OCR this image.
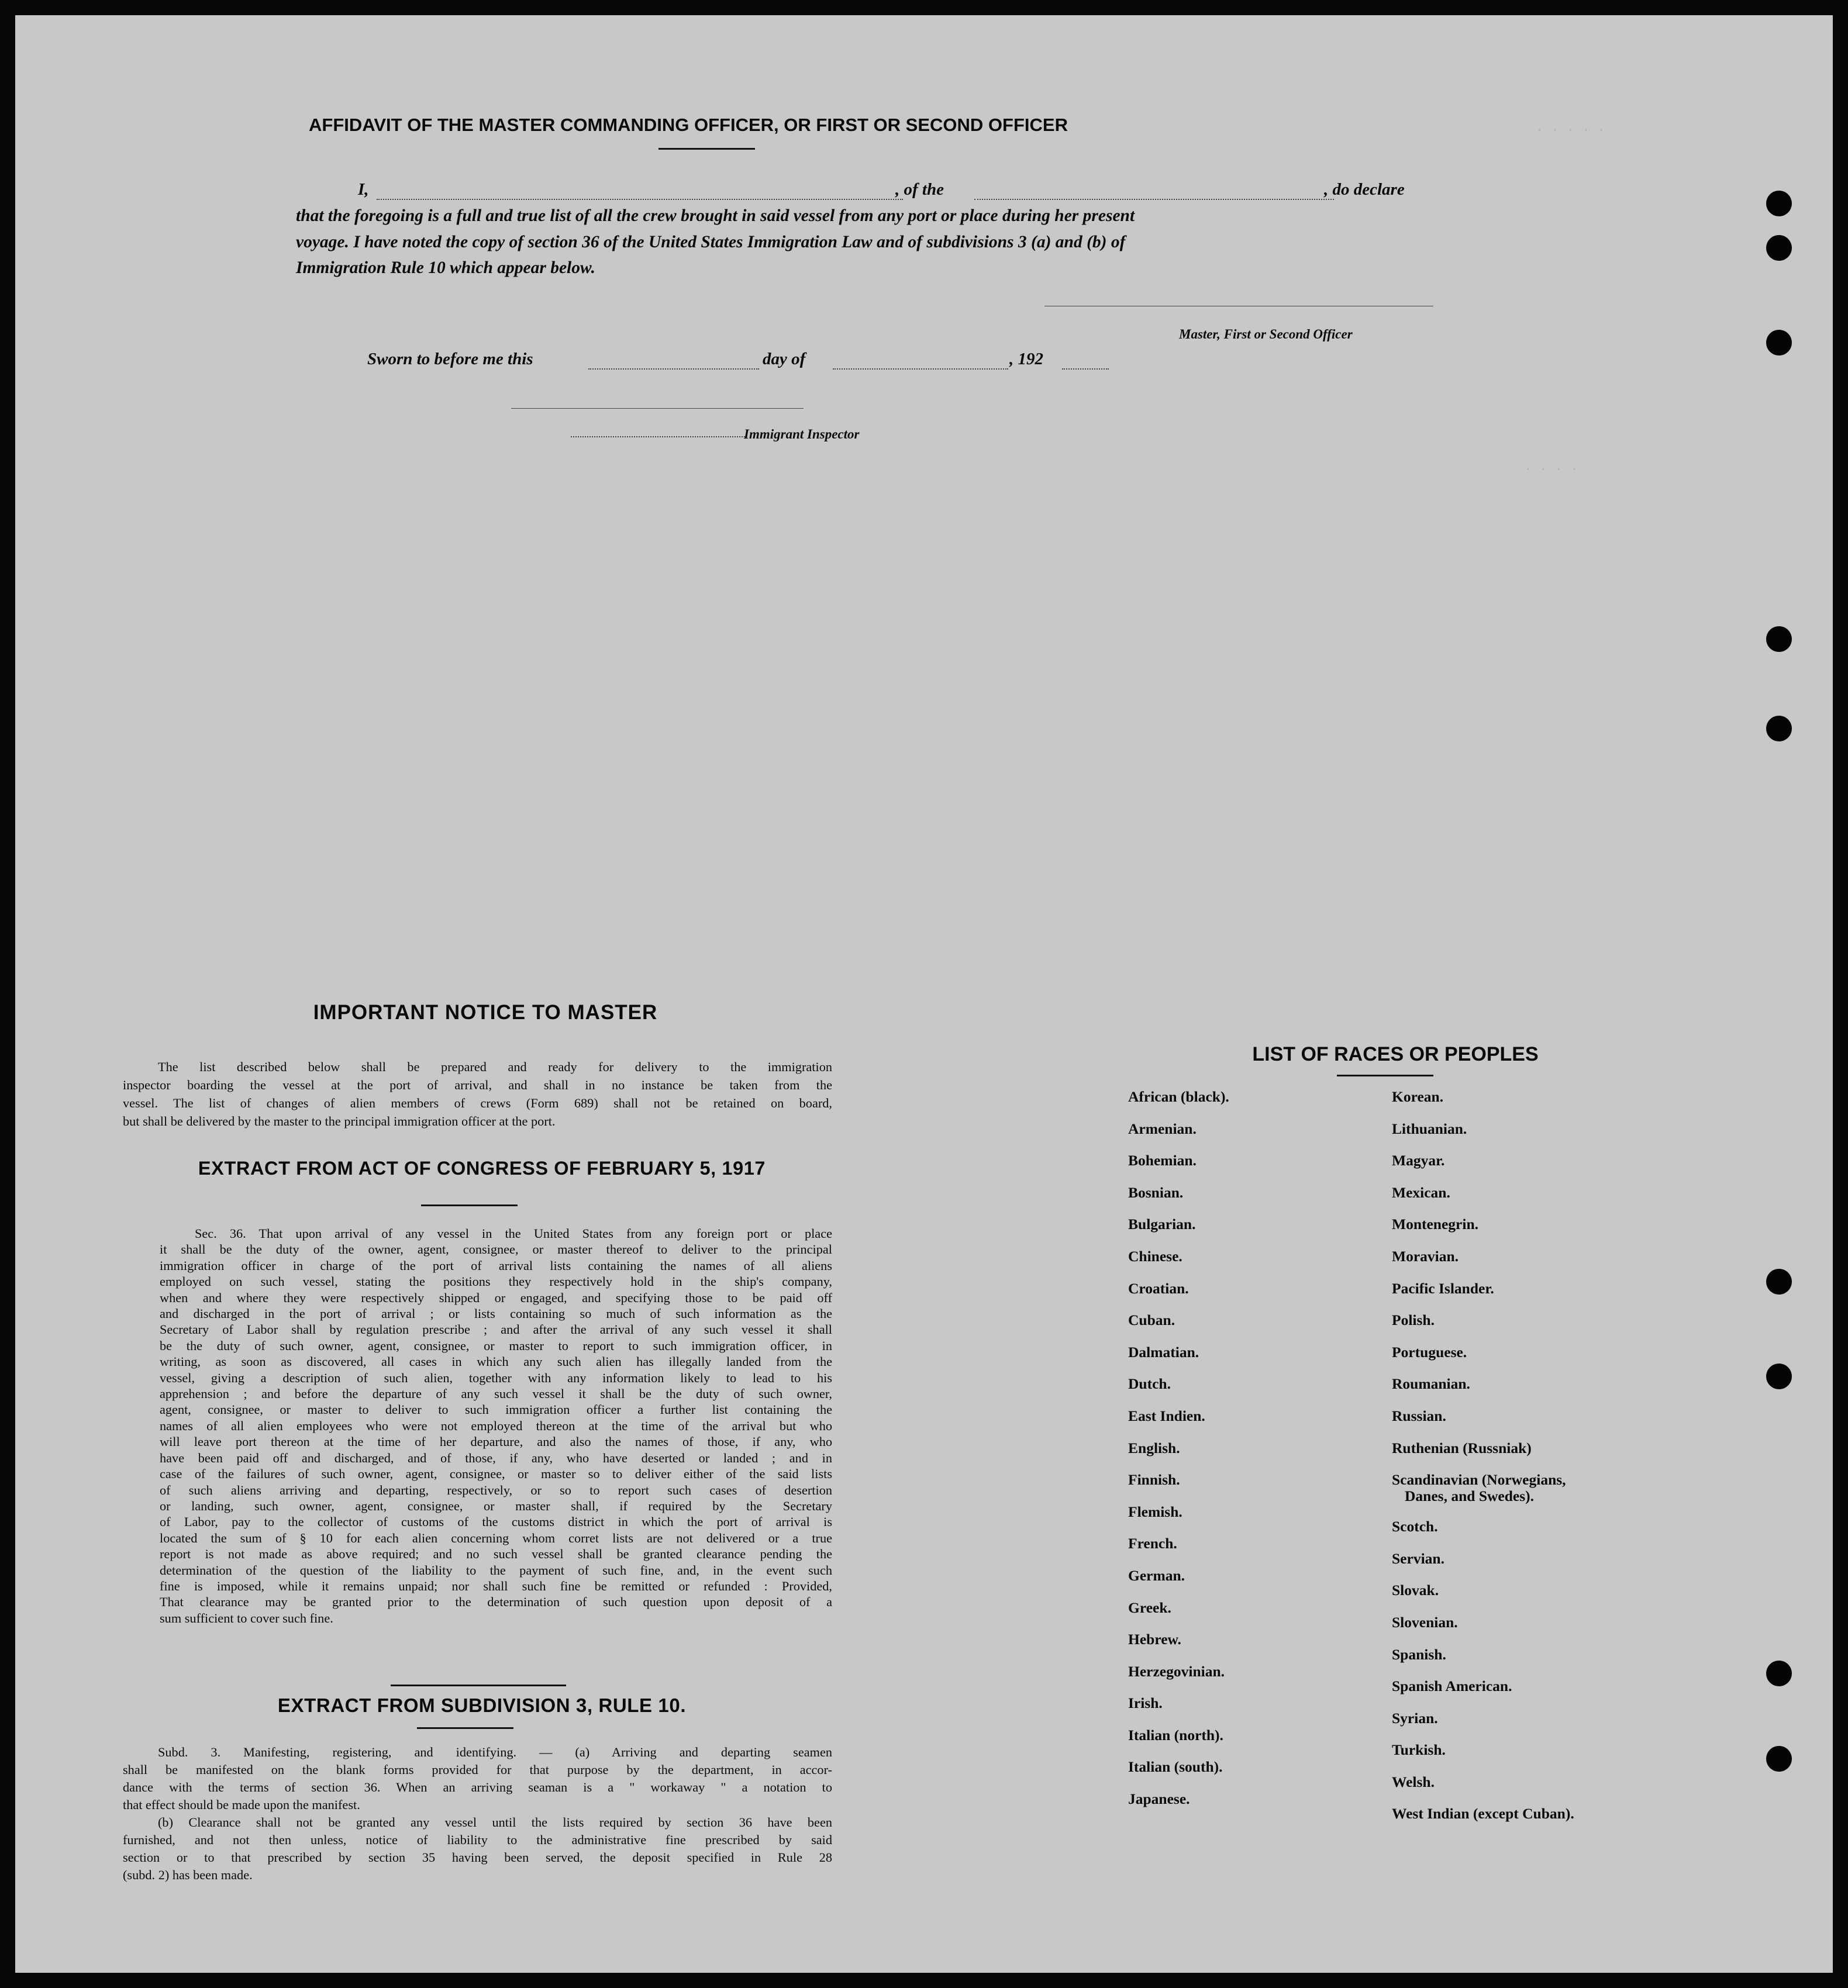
. . . . .
. . . .
AFFIDAVIT OF THE MASTER COMMANDING OFFICER, OR FIRST OR SECOND OFFICER
I,	, of the	, do declare
that the foregoing is a full and true list of all the crew brought in said vessel from any port or place during her present
voyage. I have noted the copy of section 36 of the United States Immigration Law and of subdivisions 3 (a) and (b) of
Immigration Rule 10 which appear below.
Master, First or Second Officer
Sworn to before me this	day of	, 192
Immigrant Inspector
IMPORTANT NOTICE TO MASTER
The list described below shall be prepared and ready for delivery to the immigration
inspector boarding the vessel at the port of arrival, and shall in no instance be taken from the
vessel. The list of changes of alien members of crews (Form 689) shall not be retained on board,
but shall be delivered by the master to the principal immigration officer at the port.
EXTRACT FROM ACT OF CONGRESS OF FEBRUARY 5, 1917
Sec. 36. That upon arrival of any vessel in the United States from any foreign port or place
it shall be the duty of the owner, agent, consignee, or master thereof to deliver to the principal
immigration officer in charge of the port of arrival lists containing the names of all aliens
employed on such vessel, stating the positions they respectively hold in the ship's company,
when and where they were respectively shipped or engaged, and specifying those to be paid off
and discharged in the port of arrival ; or lists containing so much of such information as the
Secretary of Labor shall by regulation prescribe ; and after the arrival of any such vessel it shall
be the duty of such owner, agent, consignee, or master to report to such immigration officer, in
writing, as soon as discovered, all cases in which any such alien has illegally landed from the
vessel, giving a description of such alien, together with any information likely to lead to his
apprehension ; and before the departure of any such vessel it shall be the duty of such owner,
agent, consignee, or master to deliver to such immigration officer a further list containing the
names of all alien employees who were not employed thereon at the time of the arrival but who
will leave port thereon at the time of her departure, and also the names of those, if any, who
have been paid off and discharged, and of those, if any, who have deserted or landed ; and in
case of the failures of such owner, agent, consignee, or master so to deliver either of the said lists
of such aliens arriving and departing, respectively, or so to report such cases of desertion
or landing, such owner, agent, consignee, or master shall, if required by the Secretary
of Labor, pay to the collector of customs of the customs district in which the port of arrival is
located the sum of § 10 for each alien concerning whom corret lists are not delivered or a true
report is not made as above required; and no such vessel shall be granted clearance pending the
determination of the question of the liability to the payment of such fine, and, in the event such
fine is imposed, while it remains unpaid; nor shall such fine be remitted or refunded : Provided,
That clearance may be granted prior to the determination of such question upon deposit of a
sum sufficient to cover such fine.
EXTRACT FROM SUBDIVISION 3, RULE 10.
Subd. 3. Manifesting, registering, and identifying. — (a) Arriving and departing seamen
shall be manifested on the blank forms provided for that purpose by the department, in accor-
dance with the terms of section 36. When an arriving seaman is a " workaway " a notation to
that effect should be made upon the manifest.
(b) Clearance shall not be granted any vessel until the lists required by section 36 have been
furnished, and not then unless, notice of liability to the administrative fine prescribed by said
section or to that prescribed by section 35 having been served, the deposit specified in Rule 28
(subd. 2) has been made.
LIST OF RACES OR PEOPLES
African (black).
Armenian.
Bohemian.
Bosnian.
Bulgarian.
Chinese.
Croatian.
Cuban.
Dalmatian.
Dutch.
East Indien.
English.
Finnish.
Flemish.
French.
German.
Greek.
Hebrew.
Herzegovinian.
Irish.
Italian (north).
Italian (south).
Japanese.
Korean.
Lithuanian.
Magyar.
Mexican.
Montenegrin.
Moravian.
Pacific Islander.
Polish.
Portuguese.
Roumanian.
Russian.
Ruthenian (Russniak)
Scandinavian (Norwegians,
Danes, and Swedes).
Scotch.
Servian.
Slovak.
Slovenian.
Spanish.
Spanish American.
Syrian.
Turkish.
Welsh.
West Indian (except Cuban).
